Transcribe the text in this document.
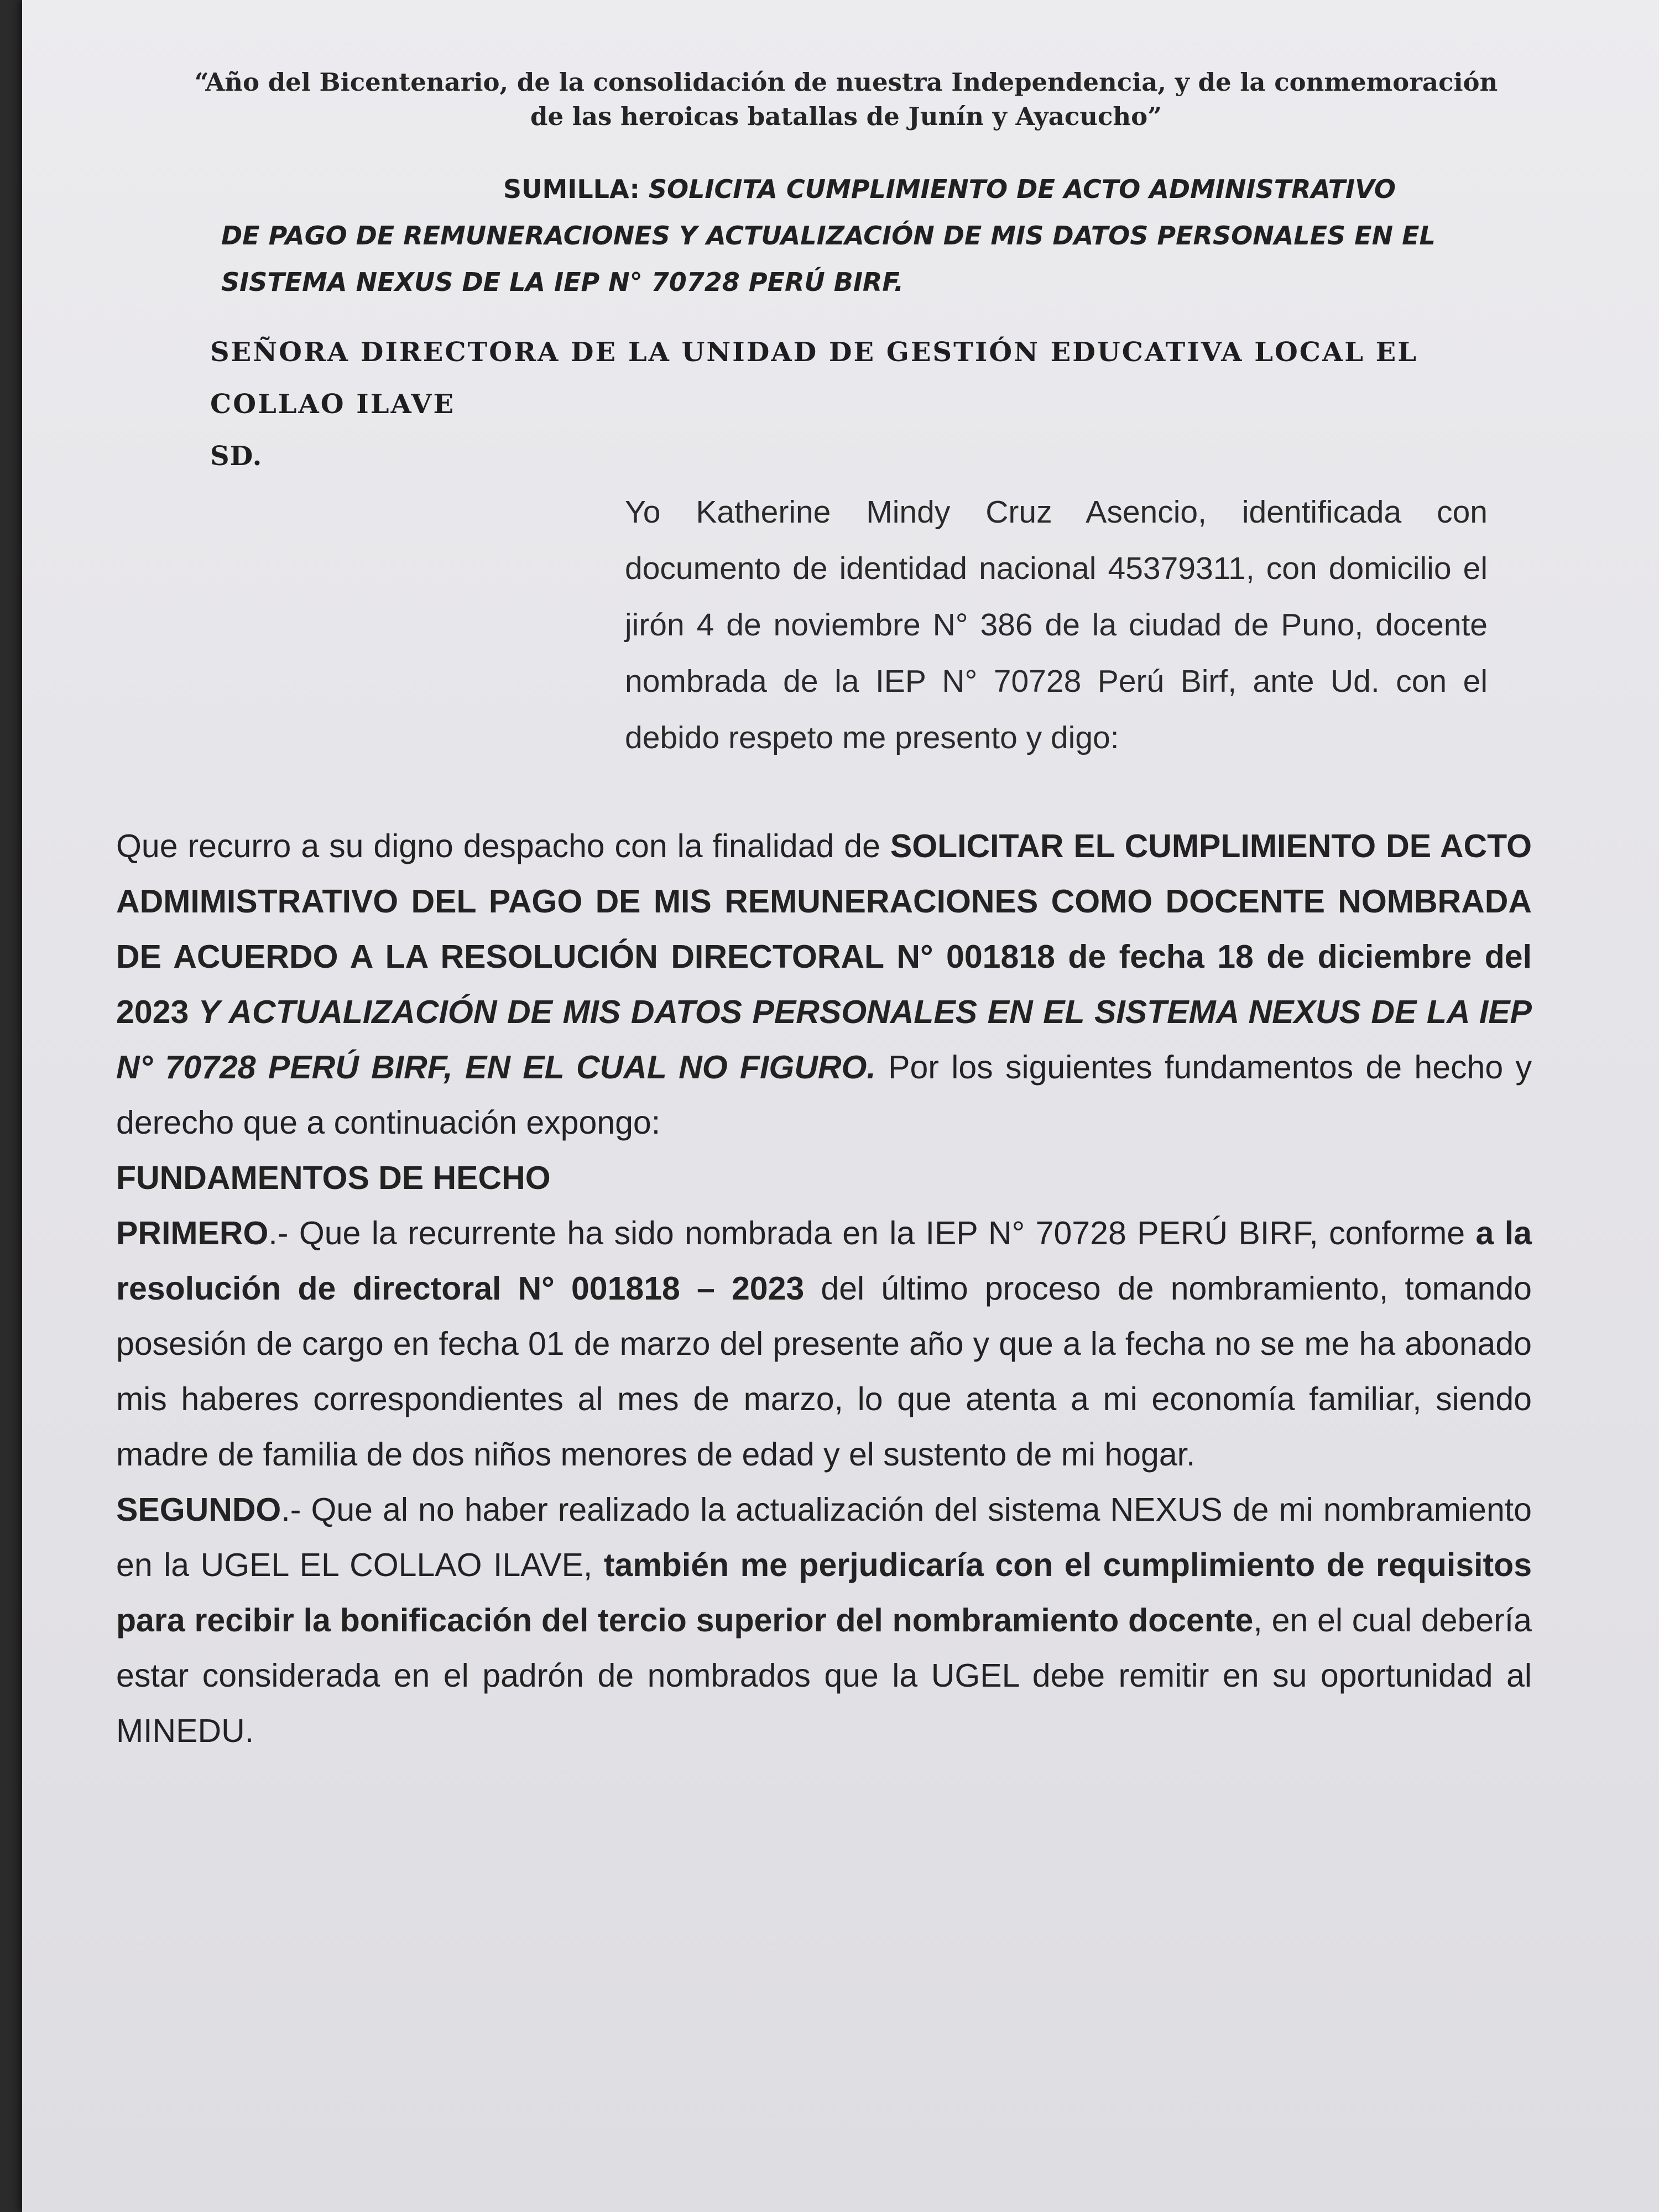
“Año del Bicentenario, de la consolidación de nuestra Independencia, y de la conmemoración
de las heroicas batallas de Junín y Ayacucho”
SUMILLA: SOLICITA CUMPLIMIENTO DE ACTO ADMINISTRATIVO
DE PAGO DE REMUNERACIONES Y ACTUALIZACIÓN DE MIS DATOS PERSONALES EN EL
SISTEMA NEXUS DE LA IEP N° 70728 PERÚ BIRF.
SEÑORA DIRECTORA DE LA UNIDAD DE GESTIÓN EDUCATIVA LOCAL EL COLLAO ILAVE
SD.
Yo Katherine Mindy Cruz Asencio, identificada con documento de identidad nacional 45379311, con domicilio el jirón 4 de noviembre N° 386 de la ciudad de Puno, docente nombrada de la IEP N° 70728 Perú Birf, ante Ud. con el debido respeto me presento y digo:

Que recurro a su digno despacho con la finalidad de SOLICITAR EL CUMPLIMIENTO DE ACTO ADMIMISTRATIVO DEL PAGO DE MIS REMUNERACIONES COMO DOCENTE NOMBRADA DE ACUERDO A LA RESOLUCIÓN DIRECTORAL N° 001818 de fecha 18 de diciembre del 2023 Y ACTUALIZACIÓN DE MIS DATOS PERSONALES EN EL SISTEMA NEXUS DE LA IEP N° 70728 PERÚ BIRF, EN EL CUAL NO FIGURO. Por los siguientes fundamentos de hecho y derecho que a continuación expongo:

FUNDAMENTOS DE HECHO

PRIMERO.- Que la recurrente ha sido nombrada en la IEP N° 70728 PERÚ BIRF, conforme a la resolución de directoral N° 001818 – 2023 del último proceso de nombramiento, tomando posesión de cargo en fecha 01 de marzo del presente año y que a la fecha no se me ha abonado mis haberes correspondientes al mes de marzo, lo que atenta a mi economía familiar, siendo madre de familia de dos niños menores de edad y el sustento de mi hogar.

SEGUNDO.- Que al no haber realizado la actualización del sistema NEXUS de mi nombramiento en la UGEL EL COLLAO ILAVE, también me perjudicaría con el cumplimiento de requisitos para recibir la bonificación del tercio superior del nombramiento docente, en el cual debería estar considerada en el padrón de nombrados que la UGEL debe remitir en su oportunidad al MINEDU.
